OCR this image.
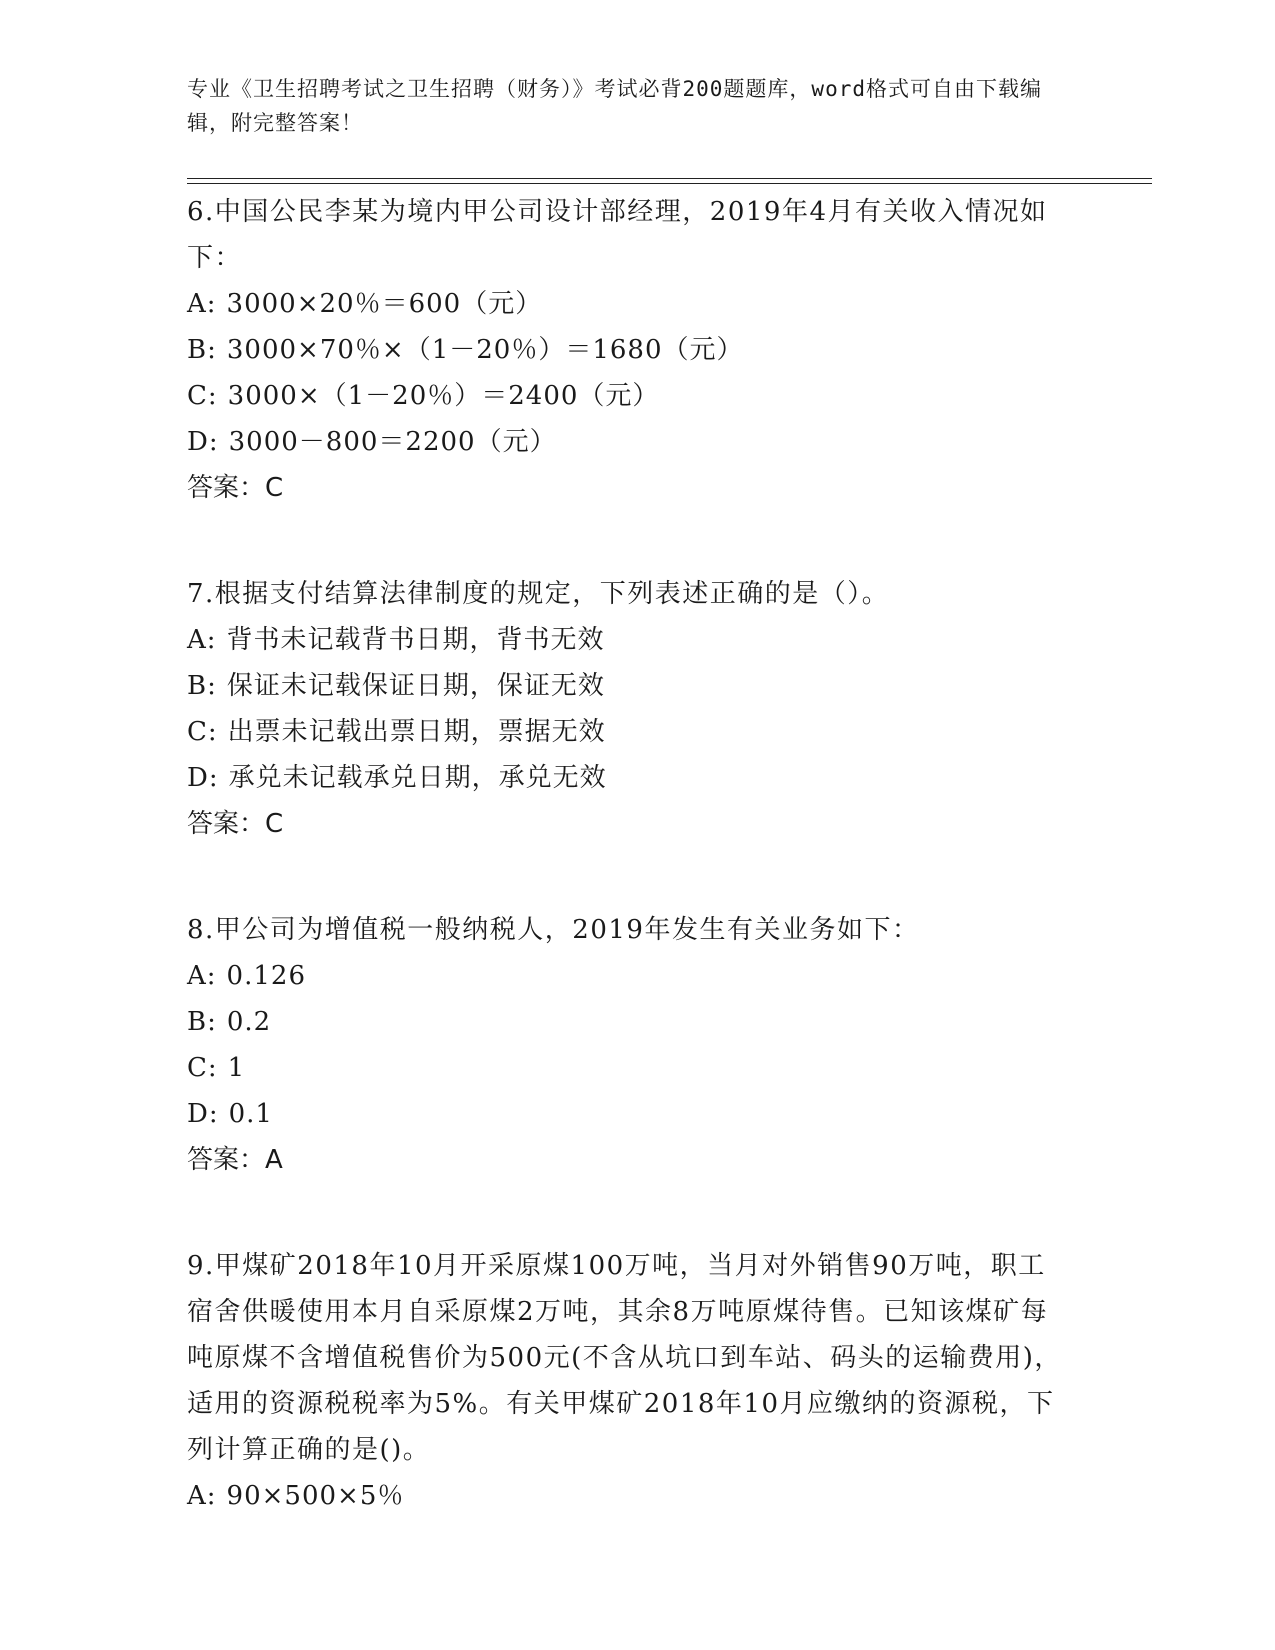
专业《卫生招聘考试之卫生招聘（财务）》考试必背200题题库，word格式可自由下载编辑，附完整答案！

6.中国公民李某为境内甲公司设计部经理，2019年4月有关收入情况如下：

A: 3000×20％＝600（元）

B: 3000×70％×（1－20％）＝1680（元）

C: 3000×（1－20％）＝2400（元）

D: 3000－800＝2200（元）

答案：C

7.根据支付结算法律制度的规定，下列表述正确的是（）。

A: 背书未记载背书日期，背书无效

B: 保证未记载保证日期，保证无效

C: 出票未记载出票日期，票据无效

D: 承兑未记载承兑日期，承兑无效

答案：C

8.甲公司为增值税一般纳税人，2019年发生有关业务如下：

A: 0.126

B: 0.2

C: 1

D: 0.1

答案：A

9.甲煤矿2018年10月开采原煤100万吨，当月对外销售90万吨，职工宿舍供暖使用本月自采原煤2万吨，其余8万吨原煤待售。已知该煤矿每吨原煤不含增值税售价为500元(不含从坑口到车站、码头的运输费用)，适用的资源税税率为5%。有关甲煤矿2018年10月应缴纳的资源税，下列计算正确的是()。

A: 90×500×5％
